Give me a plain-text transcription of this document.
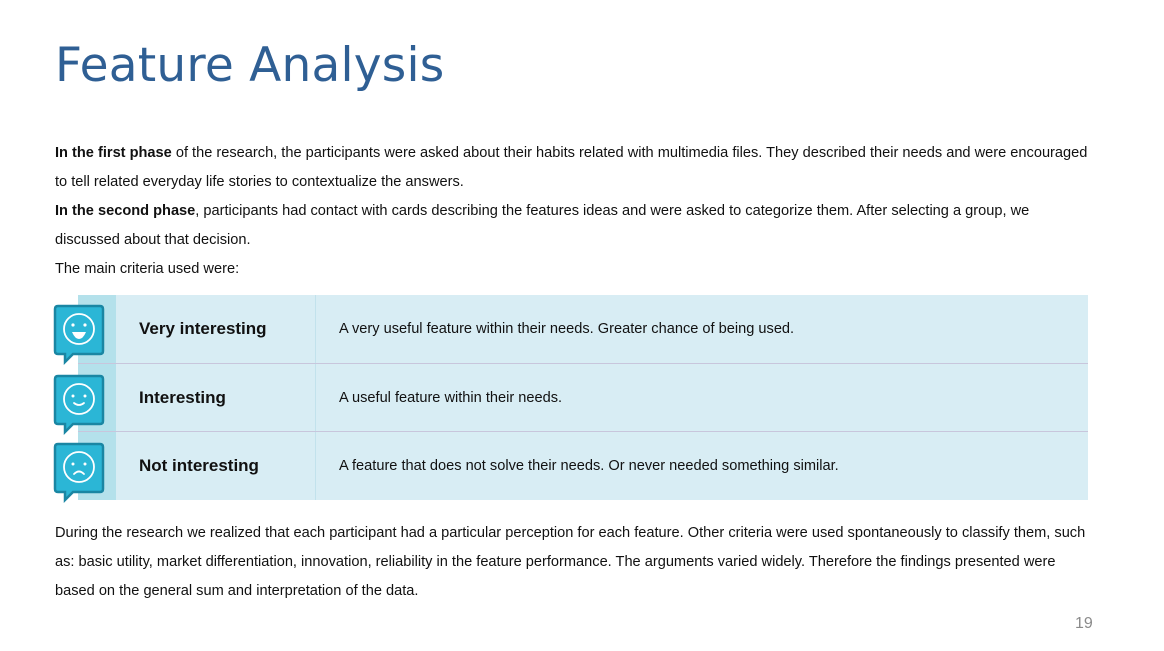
Feature Analysis

In the first phase of the research, the participants were asked about their habits related with multimedia files. They described their needs and were encouraged to tell related everyday life stories to contextualize the answers.

In the second phase, participants had contact with cards describing the features ideas and were asked to categorize them. After selecting a group, we discussed about that decision.

The main criteria used were:

Very interesting	A very useful feature within their needs. Greater chance of being used.
Interesting	A useful feature within their needs.
Not interesting	A feature that does not solve their needs. Or never needed something similar.
During the research we realized that each participant had a particular perception for each feature. Other criteria were used spontaneously to classify them, such as: basic utility, market differentiation, innovation, reliability in the feature performance. The arguments varied widely. Therefore the findings presented were based on the general sum and interpretation of the data.
19
